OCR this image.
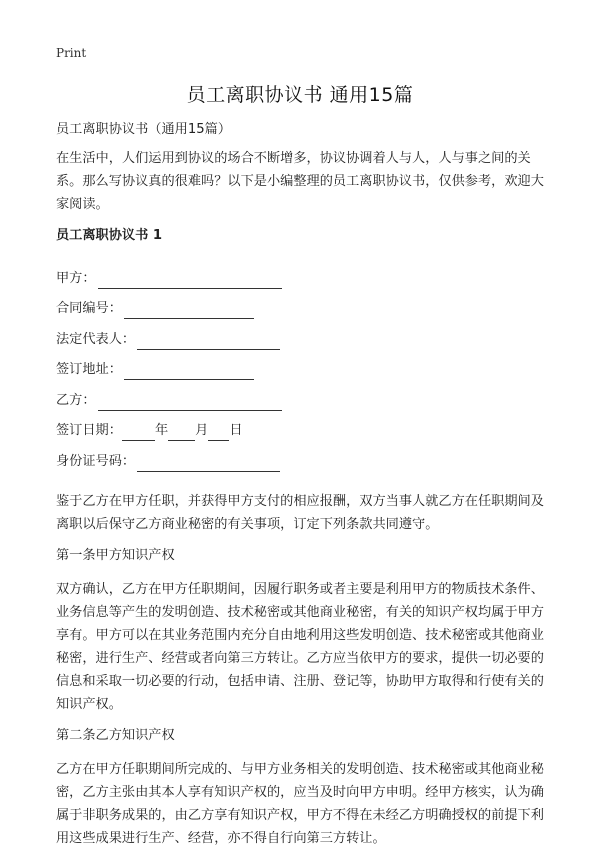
Print
员工离职协议书 通用15篇

员工离职协议书（通用15篇）

在生活中，人们运用到协议的场合不断增多，协议协调着人与人，人与事之间的关系。那么写协议真的很难吗？以下是小编整理的员工离职协议书，仅供参考，欢迎大家阅读。

员工离职协议书 1
甲方：
合同编号：
法定代表人：
签订地址：
乙方：
签订日期：	年 月 日
身份证号码：

鉴于乙方在甲方任职，并获得甲方支付的相应报酬，双方当事人就乙方在任职期间及离职以后保守乙方商业秘密的有关事项，订定下列条款共同遵守。

第一条甲方知识产权

双方确认，乙方在甲方任职期间，因履行职务或者主要是利用甲方的物质技术条件、业务信息等产生的发明创造、技术秘密或其他商业秘密，有关的知识产权均属于甲方享有。甲方可以在其业务范围内充分自由地利用这些发明创造、技术秘密或其他商业秘密，进行生产、经营或者向第三方转让。乙方应当依甲方的要求，提供一切必要的信息和采取一切必要的行动，包括申请、注册、登记等，协助甲方取得和行使有关的知识产权。

第二条乙方知识产权

乙方在甲方任职期间所完成的、与甲方业务相关的发明创造、技术秘密或其他商业秘密，乙方主张由其本人享有知识产权的，应当及时向甲方申明。经甲方核实，认为确属于非职务成果的，由乙方享有知识产权，甲方不得在未经乙方明确授权的前提下利用这些成果进行生产、经营，亦不得自行向第三方转让。
